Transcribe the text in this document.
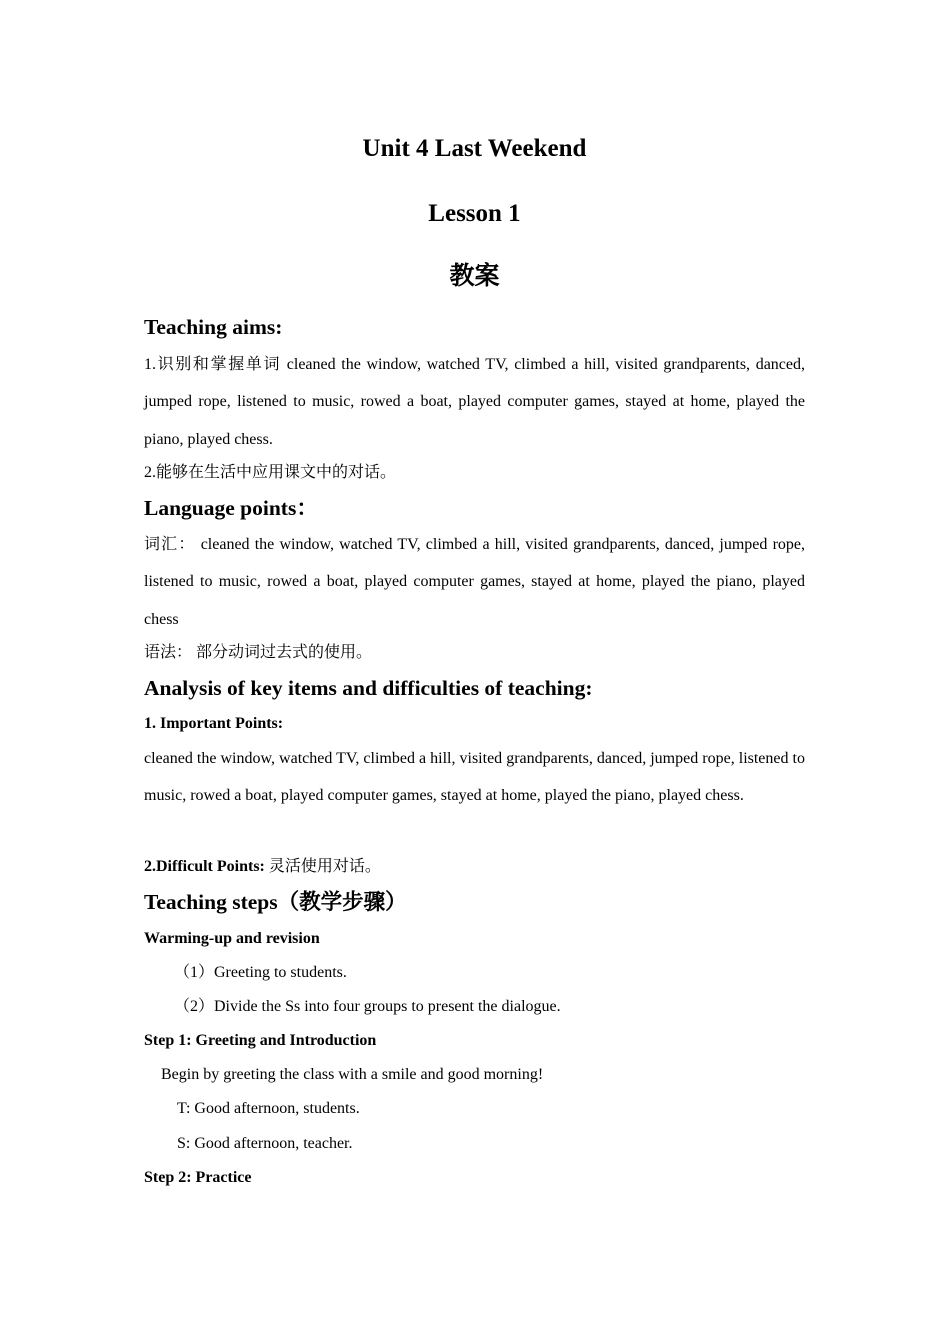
Unit 4 Last Weekend
Lesson 1
教案
Teaching aims:
1.识别和掌握单词 cleaned the window, watched TV, climbed a hill, visited grandparents, danced, jumped rope, listened to music, rowed a boat, played computer games, stayed at home, played the piano, played chess.
2.能够在生活中应用课文中的对话。
Language points：
词汇： cleaned the window, watched TV, climbed a hill, visited grandparents, danced, jumped rope, listened to music, rowed a boat, played computer games, stayed at home, played the piano, played chess
语法： 部分动词过去式的使用。
Analysis of key items and difficulties of teaching:
1. Important Points:
cleaned the window, watched TV, climbed a hill, visited grandparents, danced, jumped rope, listened to music, rowed a boat, played computer games, stayed at home, played the piano, played chess.
2.Difficult Points: 灵活使用对话。
Teaching steps（教学步骤）
Warming-up and revision
（1）Greeting to students.
（2）Divide the Ss into four groups to present the dialogue.
Step 1: Greeting and Introduction
Begin by greeting the class with a smile and good morning!
T: Good afternoon, students.
S: Good afternoon, teacher.
Step 2: Practice
